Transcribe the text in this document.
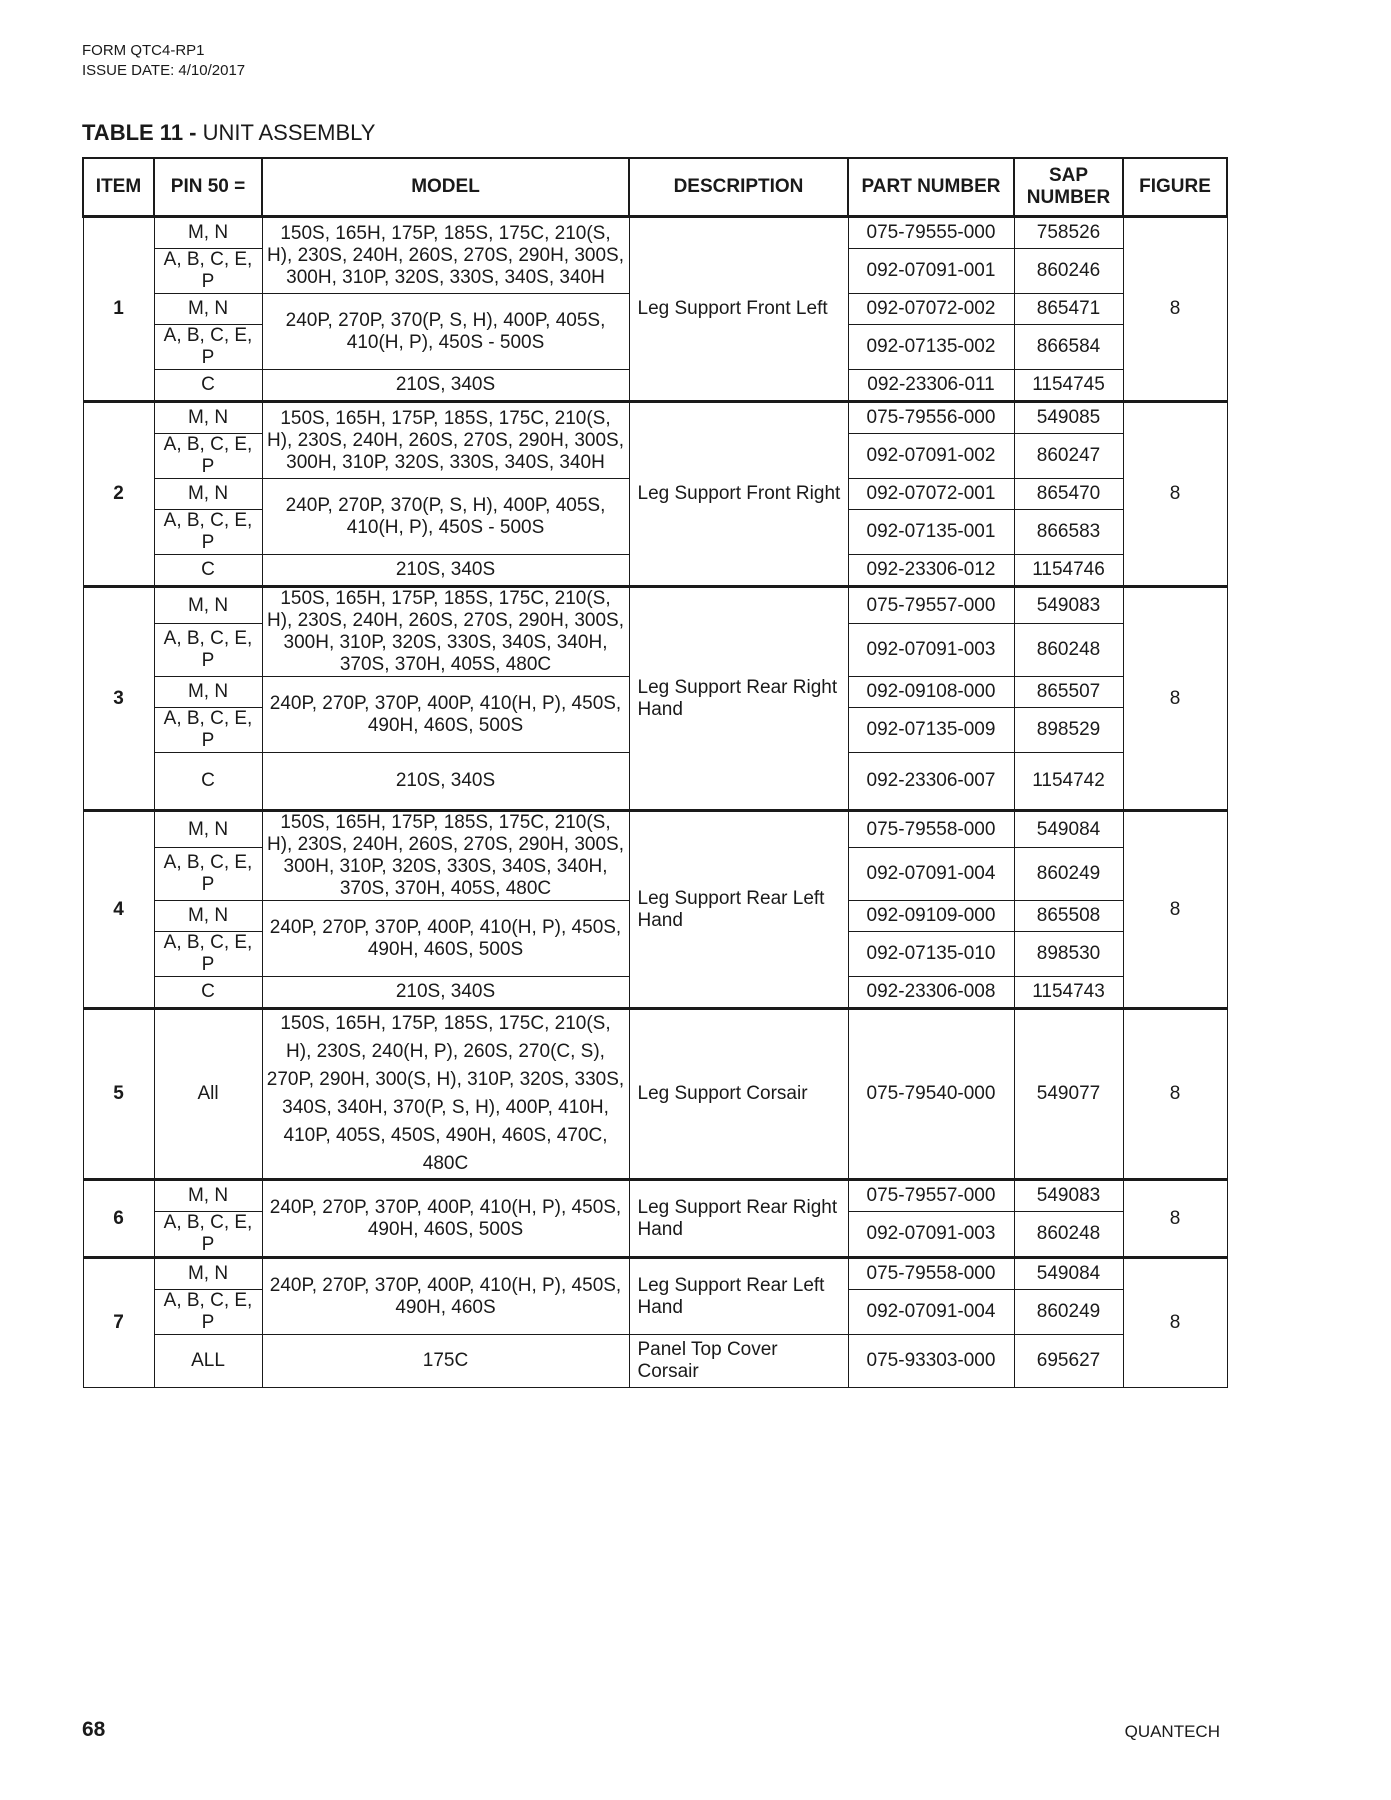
FORM QTC4-RP1
ISSUE DATE: 4/10/2017
TABLE 11 - UNIT ASSEMBLY
ITEM	PIN 50 =	MODEL	DESCRIPTION	PART NUMBER	SAP NUMBER	FIGURE
1	M, N	150S, 165H, 175P, 185S, 175C, 210(S, H), 230S, 240H, 260S, 270S, 290H, 300S, 300H, 310P, 320S, 330S, 340S, 340H	Leg Support Front Left	075-79555-000	758526	8
	A, B, C, E, P			092-07091-001	860246	
	M, N	240P, 270P, 370(P, S, H), 400P, 405S, 410(H, P), 450S - 500S		092-07072-002	865471	
	A, B, C, E, P			092-07135-002	866584	
	C	210S, 340S		092-23306-011	1154745	
2	M, N	150S, 165H, 175P, 185S, 175C, 210(S, H), 230S, 240H, 260S, 270S, 290H, 300S, 300H, 310P, 320S, 330S, 340S, 340H	Leg Support Front Right	075-79556-000	549085	8
	A, B, C, E, P			092-07091-002	860247	
	M, N	240P, 270P, 370(P, S, H), 400P, 405S, 410(H, P), 450S - 500S		092-07072-001	865470	
	A, B, C, E, P			092-07135-001	866583	
	C	210S, 340S		092-23306-012	1154746	
3	M, N	150S, 165H, 175P, 185S, 175C, 210(S, H), 230S, 240H, 260S, 270S, 290H, 300S, 300H, 310P, 320S, 330S, 340S, 340H, 370S, 370H, 405S, 480C	Leg Support Rear Right Hand	075-79557-000	549083	8
	A, B, C, E, P			092-07091-003	860248	
	M, N	240P, 270P, 370P, 400P, 410(H, P), 450S, 490H, 460S, 500S		092-09108-000	865507	
	A, B, C, E, P			092-07135-009	898529	
	C	210S, 340S		092-23306-007	1154742	
4	M, N	150S, 165H, 175P, 185S, 175C, 210(S, H), 230S, 240H, 260S, 270S, 290H, 300S, 300H, 310P, 320S, 330S, 340S, 340H, 370S, 370H, 405S, 480C	Leg Support Rear Left Hand	075-79558-000	549084	8
	A, B, C, E, P			092-07091-004	860249	
	M, N	240P, 270P, 370P, 400P, 410(H, P), 450S, 490H, 460S, 500S		092-09109-000	865508	
	A, B, C, E, P			092-07135-010	898530	
	C	210S, 340S		092-23306-008	1154743	
5	All	150S, 165H, 175P, 185S, 175C, 210(S, H), 230S, 240(H, P), 260S, 270(C, S), 270P, 290H, 300(S, H), 310P, 320S, 330S, 340S, 340H, 370(P, S, H), 400P, 410H, 410P, 405S, 450S, 490H, 460S, 470C, 480C	Leg Support Corsair	075-79540-000	549077	8
6	M, N	240P, 270P, 370P, 400P, 410(H, P), 450S, 490H, 460S, 500S	Leg Support Rear Right Hand	075-79557-000	549083	8
	A, B, C, E, P			092-07091-003	860248	
7	M, N	240P, 270P, 370P, 400P, 410(H, P), 450S, 490H, 460S	Leg Support Rear Left Hand	075-79558-000	549084	8
	A, B, C, E, P			092-07091-004	860249	
	ALL	175C	Panel Top Cover Corsair	075-93303-000	695627	
68	QUANTECH
